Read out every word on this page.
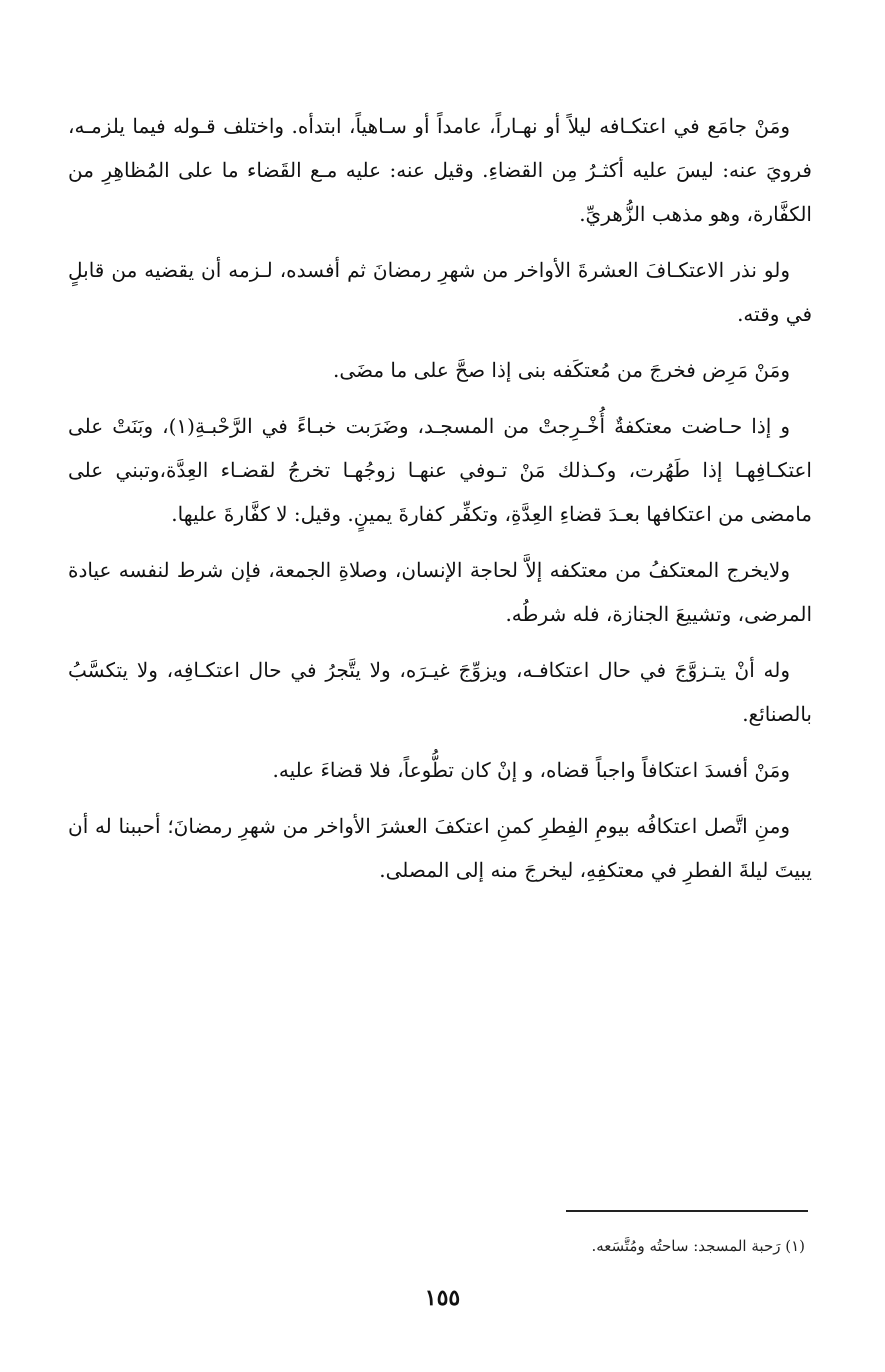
ومَنْ جامَع في اعتكـافه ليلاً أو نهـاراً، عامداً أو سـاهياً، ابتدأه. واختلف قـوله فيما يلزمـه، فرويَ عنه: ليسَ عليه أكثـرُ مِن القضاءِ. وقيل عنه: عليه مـع القَضاء ما على المُظاهِرِ من الكفَّارة، وهو مذهب الزُّهريِّ.

ولو نذر الاعتكـافَ العشرةَ الأواخر من شهرِ رمضانَ ثم أفسده، لـزمه أن يقضيه من قابلٍ في وقته.

ومَنْ مَرِض فخرجَ من مُعتكَفه بنى إذا صحَّ على ما مضَى.

و إذا حـاضت معتكفةٌ أُخْـرِجتْ من المسجـد، وضَرَبت خبـاءً في الرَّحْبـةِ(١)، وبَنَتْ على اعتكـافِهـا إذا طَهُرت، وكـذلك مَنْ تـوفي عنهـا زوجُهـا تخرجُ لقضـاء العِدَّة،وتبني على مامضى من اعتكافها بعـدَ قضاءِ العِدَّةِ، وتكفِّر كفارةَ يمينٍ. وقيل: لا كفَّارةَ عليها.

ولايخرج المعتكفُ من معتكفه إلاَّ لحاجة الإنسان، وصلاةِ الجمعة، فإن شرط لنفسه عيادة المرضى، وتشييعَ الجنازة، فله شرطُه.

وله أنْ يتـزوَّجَ في حال اعتكافـه، ويزوِّجَ غيـرَه، ولا يتَّجرُ في حال اعتكـافِه، ولا يتكسَّبُ بالصنائع.

ومَنْ أفسدَ اعتكافاً واجباً قضاه، و إنْ كان تطُّوعاً، فلا قضاءَ عليه.

ومنِ اتَّصل اعتكافُه بيومِ الفِطرِ كمنِ اعتكفَ العشرَ الأواخر من شهرِ رمضانَ؛ أحببنا له أن يبيتَ ليلةَ الفطرِ في معتكفِهِ، ليخرجَ منه إلى المصلى.

(١) رَحبة المسجد: ساحتُه ومُتَّسَعه.
١٥٥
